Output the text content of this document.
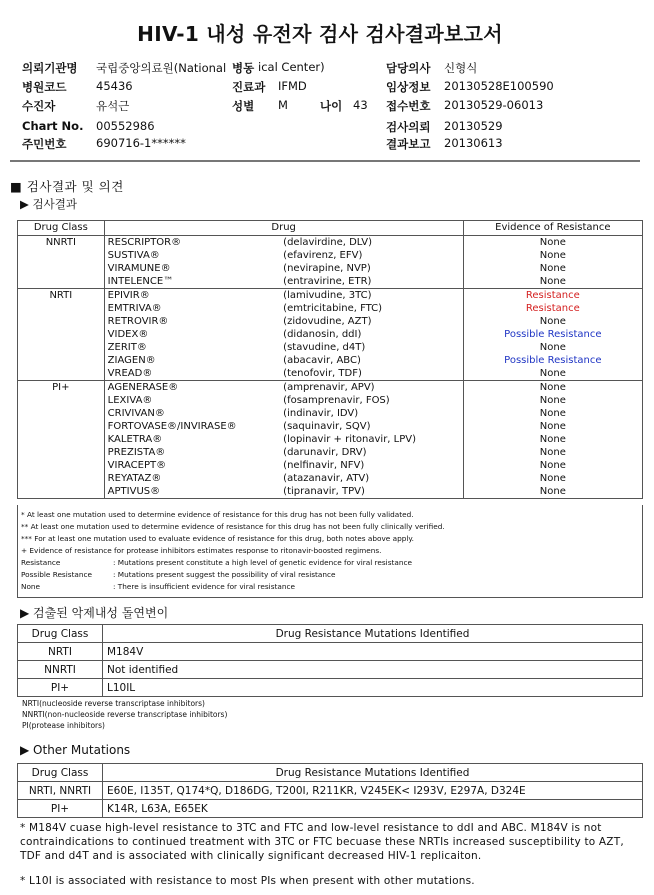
HIV-1 내성 유전자 검사 검사결과보고서
의뢰기관명 국립중앙의료원(National 병동 ical Center)	담당의사 신형식
병원코드	45436	진료과 IFMD	임상정보 20130528E100590
수진자	유석근	성별 M	나이 43 접수번호 20130529-06013
Chart No. 00552986	검사의뢰 20130529
주민번호	690716-1******	결과보고 20130613
■ 검사결과 및 의견
▶ 검사결과
Drug Class	Drug		Evidence of Resistance
NNRTI	RESCRIPTOR®	(delavirdine, DLV)	None
	SUSTIVA®	(efavirenz, EFV)	None
	VIRAMUNE®	(nevirapine, NVP)	None
	INTELENCE™	(entravirine, ETR)	None
NRTI	EPIVIR®	(lamivudine, 3TC)	Resistance
	EMTRIVA®	(emtricitabine, FTC)	Resistance
	RETROVIR®	(zidovudine, AZT)	None
	VIDEX®	(didanosin, ddI)	Possible Resistance
	ZERIT®	(stavudine, d4T)	None
	ZIAGEN®	(abacavir, ABC)	Possible Resistance
	VREAD®	(tenofovir, TDF)	None
PI+	AGENERASE®	(amprenavir, APV)	None
	LEXIVA®	(fosamprenavir, FOS)	None
	CRIVIVAN®	(indinavir, IDV)	None
	FORTOVASE®/INVIRASE®	(saquinavir, SQV)	None
	KALETRA®	(lopinavir + ritonavir, LPV)	None
	PREZISTA®	(darunavir, DRV)	None
	VIRACEPT®	(nelfinavir, NFV)	None
	REYATAZ®	(atazanavir, ATV)	None
	APTIVUS®	(tipranavir, TPV)	None
* At least one mutation used to determine evidence of resistance for this drug has not been fully validated.
** At least one mutation used to determine evidence of resistance for this drug has not been fully clinically verified.
*** For at least one mutation used to evaluate evidence of resistance for this drug, both notes above apply.
+ Evidence of resistance for protease inhibitors estimates response to ritonavir-boosted regimens.
Resistance	: Mutations present constitute a high level of genetic evidence for viral resistance
Possible Resistance	: Mutations present suggest the possibility of viral resistance
None	: There is insufficient evidence for viral resistance
▶ 검출된 악제내성 돌연변이
Drug Class	Drug Resistance Mutations Identified
NRTI	M184V
NNRTI	Not identified
PI+	L10IL
NRTI(nucleoside reverse transcriptase inhibitors)
NNRTI(non-nucleoside reverse transcriptase inhibitors)
PI(protease inhibitors)
▶ Other Mutations
Drug Class	Drug Resistance Mutations Identified
NRTI, NNRTI	E60E, I135T, Q174*Q, D186DG, T200I, R211KR, V245EK< I293V, E297A, D324E
PI+	K14R, L63A, E65EK
* M184V cuase high-level resistance to 3TC and FTC and low-level resistance to ddI and ABC. M184V is not contraindications to continued treatment with 3TC or FTC becuase these NRTIs increased susceptibility to AZT, TDF and d4T and is associated with clinically significant decreased HIV-1 replicaiton.
* L10I is associated with resistance to most PIs when present with other mutations.
